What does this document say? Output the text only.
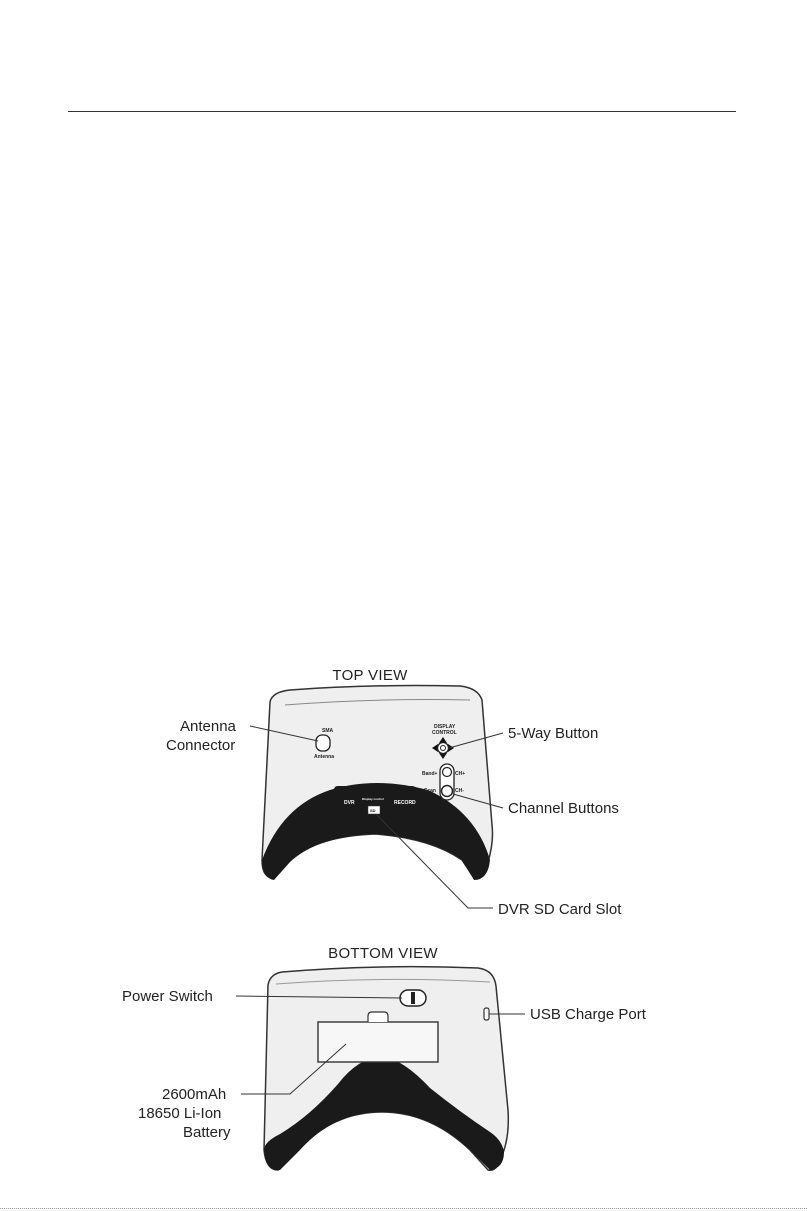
TOP VIEW
DVR	RECORD
Display control
SD
SMA
Antenna
DISPLAY
CONTROL
Band+
Scan
CH+
CH-
Antenna
Connector
5-Way Button
Channel Buttons
DVR SD Card Slot
BOTTOM VIEW
Power Switch
USB Charge Port
2600mAh
18650 Li-Ion
Battery
